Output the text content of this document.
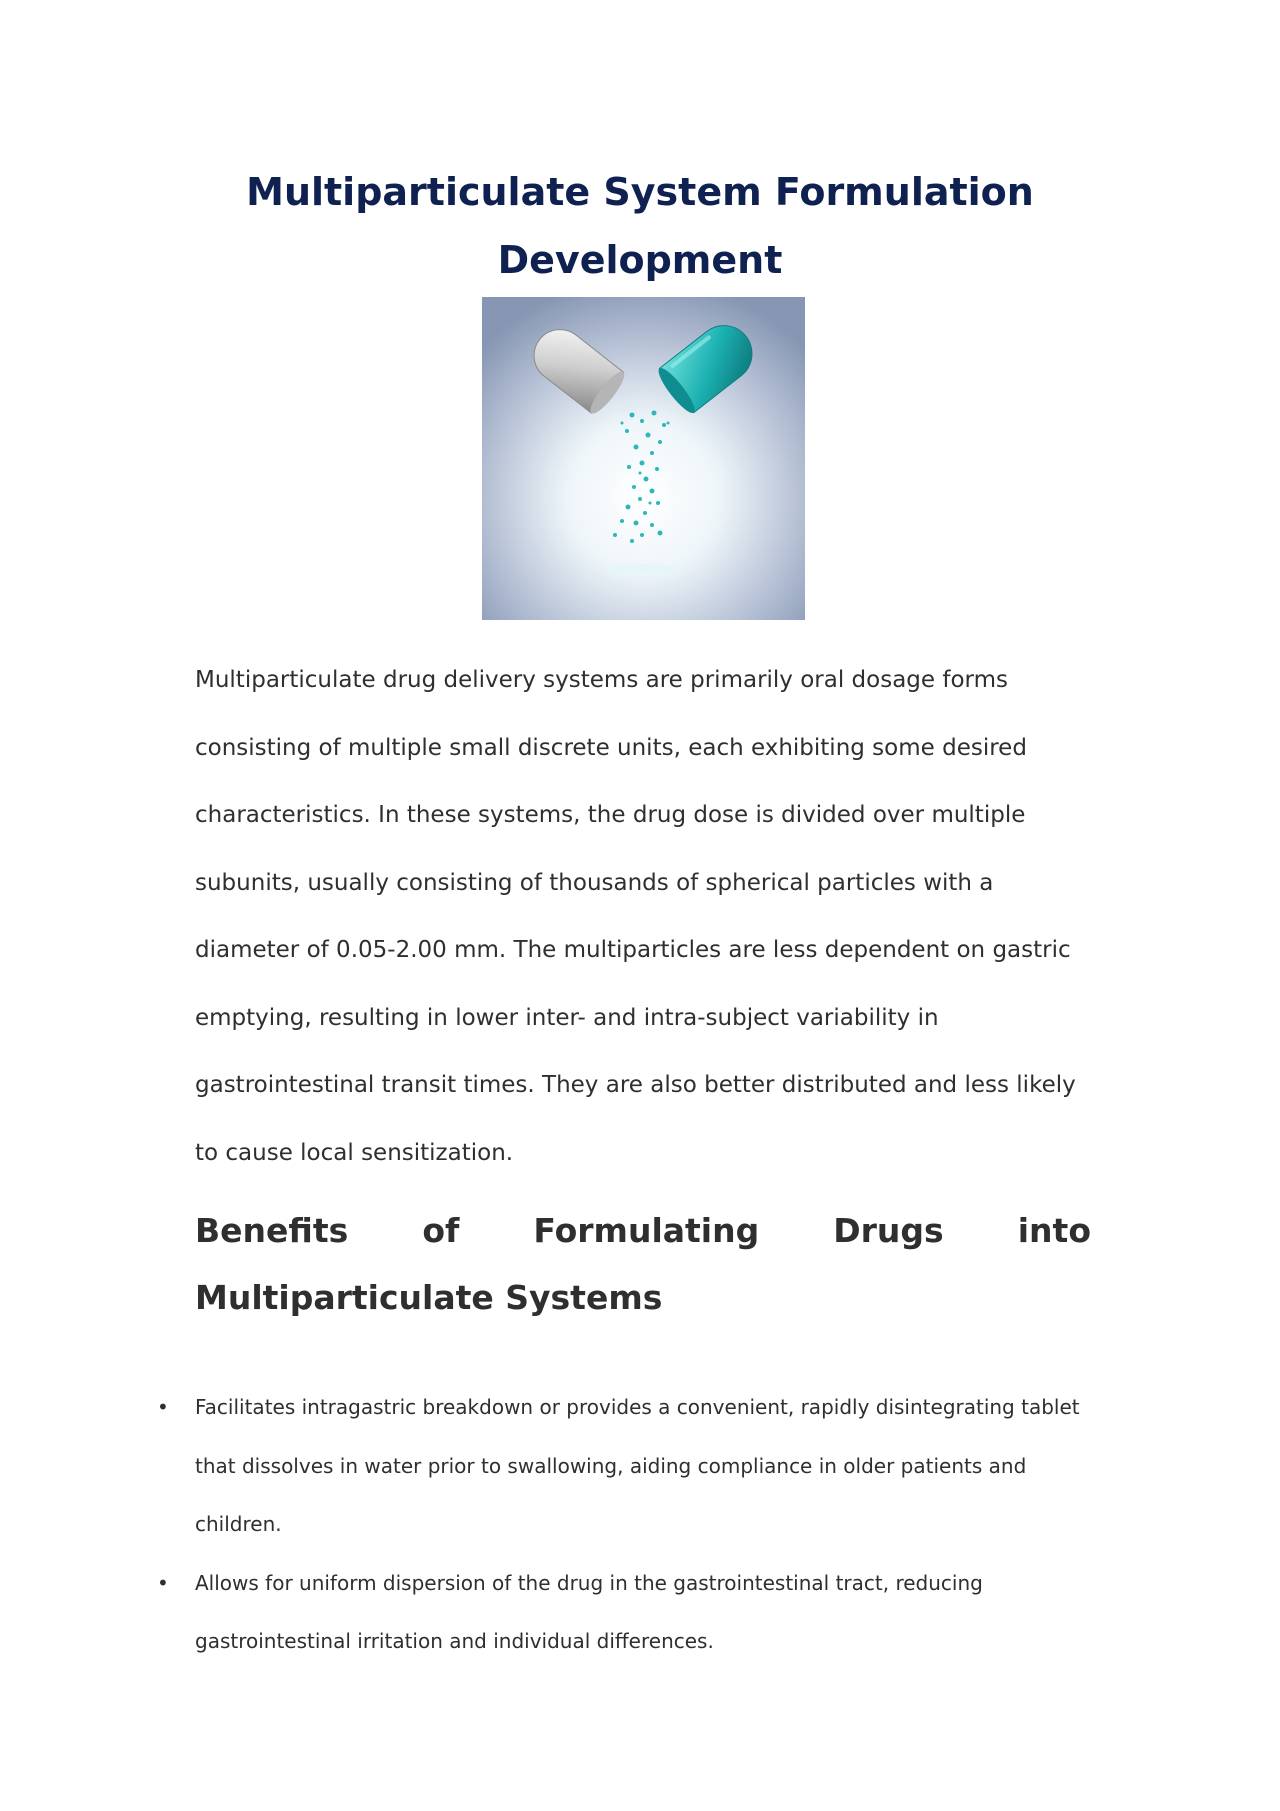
Multiparticulate System Formulation Development

Multiparticulate drug delivery systems are primarily oral dosage forms consisting of multiple small discrete units, each exhibiting some desired characteristics. In these systems, the drug dose is divided over multiple subunits, usually consisting of thousands of spherical particles with a diameter of 0.05-2.00 mm. The multiparticles are less dependent on gastric emptying, resulting in lower inter- and intra-subject variability in gastrointestinal transit times. They are also better distributed and less likely to cause local sensitization.

Benefits of Formulating Drugs into Multiparticulate Systems
• Facilitates intragastric breakdown or provides a convenient, rapidly disintegrating tablet that dissolves in water prior to swallowing, aiding compliance in older patients and children.
• Allows for uniform dispersion of the drug in the gastrointestinal tract, reducing gastrointestinal irritation and individual differences.
